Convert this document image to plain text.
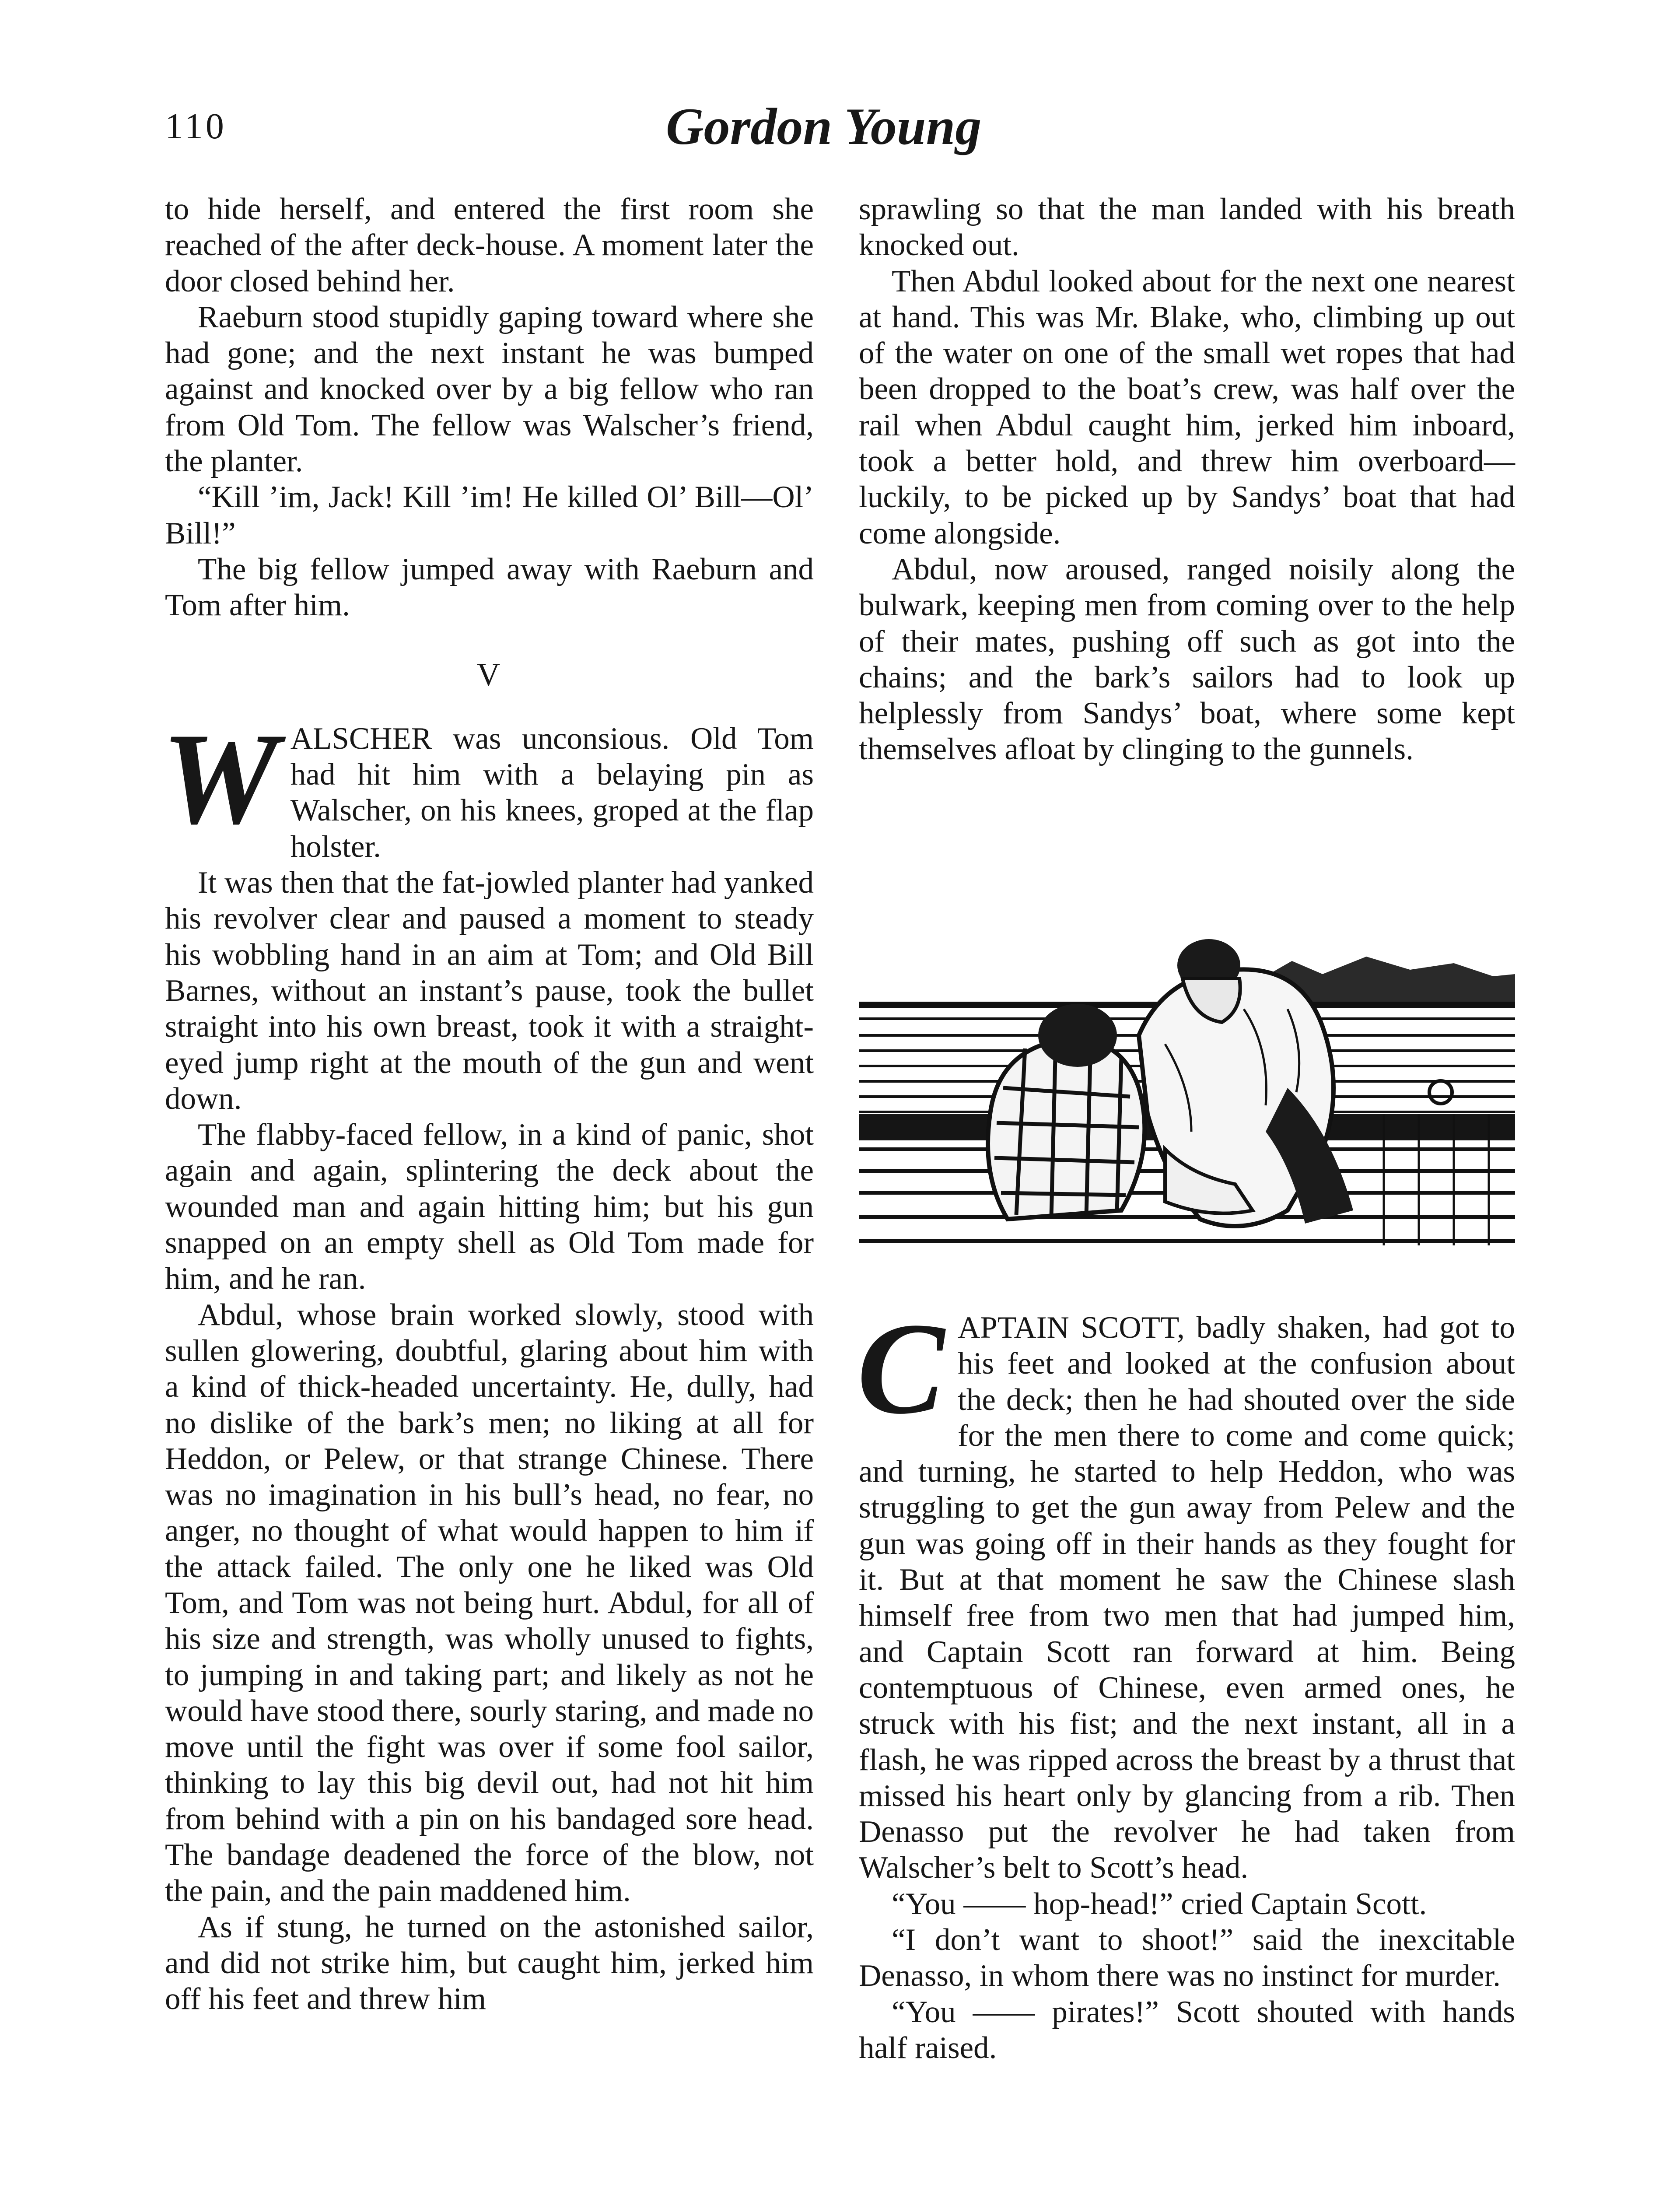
110	Gordon Young

to hide herself, and entered the first room she reached of the after deck-house. A moment later the door closed behind her.

Raeburn stood stupidly gaping toward where she had gone; and the next instant he was bumped against and knocked over by a big fellow who ran from Old Tom. The fellow was Walscher’s friend, the planter.

“Kill ’im, Jack! Kill ’im! He killed Ol’ Bill—Ol’ Bill!”

The big fellow jumped away with Raeburn and Tom after him.

V

WALSCHER was unconsious. Old Tom had hit him with a belaying pin as Walscher, on his knees, groped at the flap holster.

It was then that the fat-jowled planter had yanked his revolver clear and paused a moment to steady his wobbling hand in an aim at Tom; and Old Bill Barnes, without an instant’s pause, took the bullet straight into his own breast, took it with a straight-eyed jump right at the mouth of the gun and went down.

The flabby-faced fellow, in a kind of panic, shot again and again, splintering the deck about the wounded man and again hitting him; but his gun snapped on an empty shell as Old Tom made for him, and he ran.

Abdul, whose brain worked slowly, stood with sullen glowering, doubtful, glaring about him with a kind of thick-headed uncertainty. He, dully, had no dislike of the bark’s men; no liking at all for Heddon, or Pelew, or that strange Chinese. There was no imagination in his bull’s head, no fear, no anger, no thought of what would happen to him if the attack failed. The only one he liked was Old Tom, and Tom was not being hurt. Abdul, for all of his size and strength, was wholly unused to fights, to jumping in and taking part; and likely as not he would have stood there, sourly staring, and made no move until the fight was over if some fool sailor, thinking to lay this big devil out, had not hit him from behind with a pin on his bandaged sore head. The bandage deadened the force of the blow, not the pain, and the pain maddened him.

As if stung, he turned on the astonished sailor, and did not strike him, but caught him, jerked him off his feet and threw him

sprawling so that the man landed with his breath knocked out.

Then Abdul looked about for the next one nearest at hand. This was Mr. Blake, who, climbing up out of the water on one of the small wet ropes that had been dropped to the boat’s crew, was half over the rail when Abdul caught him, jerked him inboard, took a better hold, and threw him overboard—luckily, to be picked up by Sandys’ boat that had come alongside.

Abdul, now aroused, ranged noisily along the bulwark, keeping men from coming over to the help of their mates, pushing off such as got into the chains; and the bark’s sailors had to look up helplessly from Sandys’ boat, where some kept themselves afloat by clinging to the gunnels.

CAPTAIN SCOTT, badly shaken, had got to his feet and looked at the confusion about the deck; then he had shouted over the side for the men there to come and come quick; and turning, he started to help Heddon, who was struggling to get the gun away from Pelew and the gun was going off in their hands as they fought for it. But at that moment he saw the Chinese slash himself free from two men that had jumped him, and Captain Scott ran forward at him. Being contemptuous of Chinese, even armed ones, he struck with his fist; and the next instant, all in a flash, he was ripped across the breast by a thrust that missed his heart only by glancing from a rib. Then Denasso put the revolver he had taken from Walscher’s belt to Scott’s head.

“You —— hop-head!” cried Captain Scott.

“I don’t want to shoot!” said the inexcitable Denasso, in whom there was no instinct for murder.

“You —— pirates!” Scott shouted with hands half raised.
